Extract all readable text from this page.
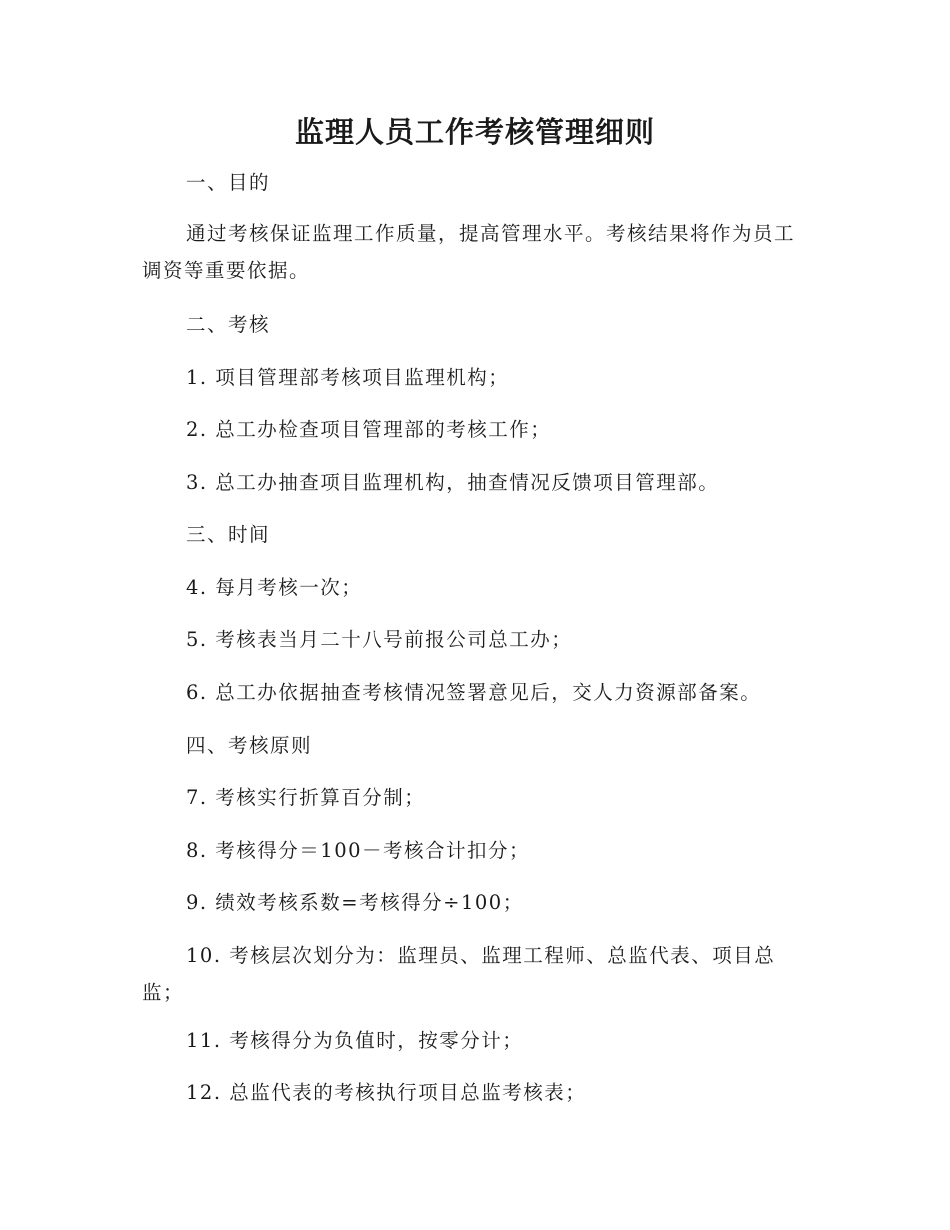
监理人员工作考核管理细则

一、目的

通过考核保证监理工作质量，提高管理水平。考核结果将作为员工调资等重要依据。

二、考核

1. 项目管理部考核项目监理机构；

2. 总工办检查项目管理部的考核工作；

3. 总工办抽查项目监理机构，抽查情况反馈项目管理部。

三、时间

4. 每月考核一次；

5. 考核表当月二十八号前报公司总工办；

6. 总工办依据抽查考核情况签署意见后，交人力资源部备案。

四、考核原则

7. 考核实行折算百分制；

8. 考核得分＝100－考核合计扣分；

9. 绩效考核系数=考核得分÷100；

10. 考核层次划分为：监理员、监理工程师、总监代表、项目总监；

11. 考核得分为负值时，按零分计；

12. 总监代表的考核执行项目总监考核表；
